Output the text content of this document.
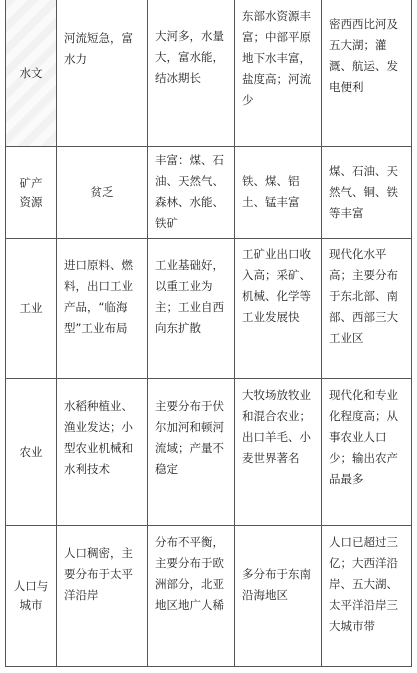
水文
河流短急，富水力
大河多，水量大，富水能，结冰期长
东部水资源丰富；中部平原地下水丰富，盐度高；河流少
密西西比河及五大湖；灌溉、航运、发电便利
矿产资源
贫乏
丰富：煤、石油、天然气、森林、水能、铁矿
铁、煤、铝土、锰丰富
煤、石油、天然气、铜、铁等丰富
工业
进口原料、燃料，出口工业产品，“临海型”工业布局
工业基础好，以重工业为主；工业自西向东扩散
工矿业出口收入高；采矿、机械、化学等工业发展快
现代化水平高；主要分布于东北部、南部、西部三大工业区
农业
水稻种植业、渔业发达；小型农业机械和水利技术
主要分布于伏尔加河和顿河流域；产量不稳定
大牧场放牧业和混合农业；出口羊毛、小麦世界著名
现代化和专业化程度高；从事农业人口少；输出农产品最多
人口与城市
人口稠密，主要分布于太平洋沿岸
分布不平衡，主要分布于欧洲部分，北亚地区地广人稀
多分布于东南沿海地区
人口已超过三亿；大西洋沿岸、五大湖、太平洋沿岸三大城市带
